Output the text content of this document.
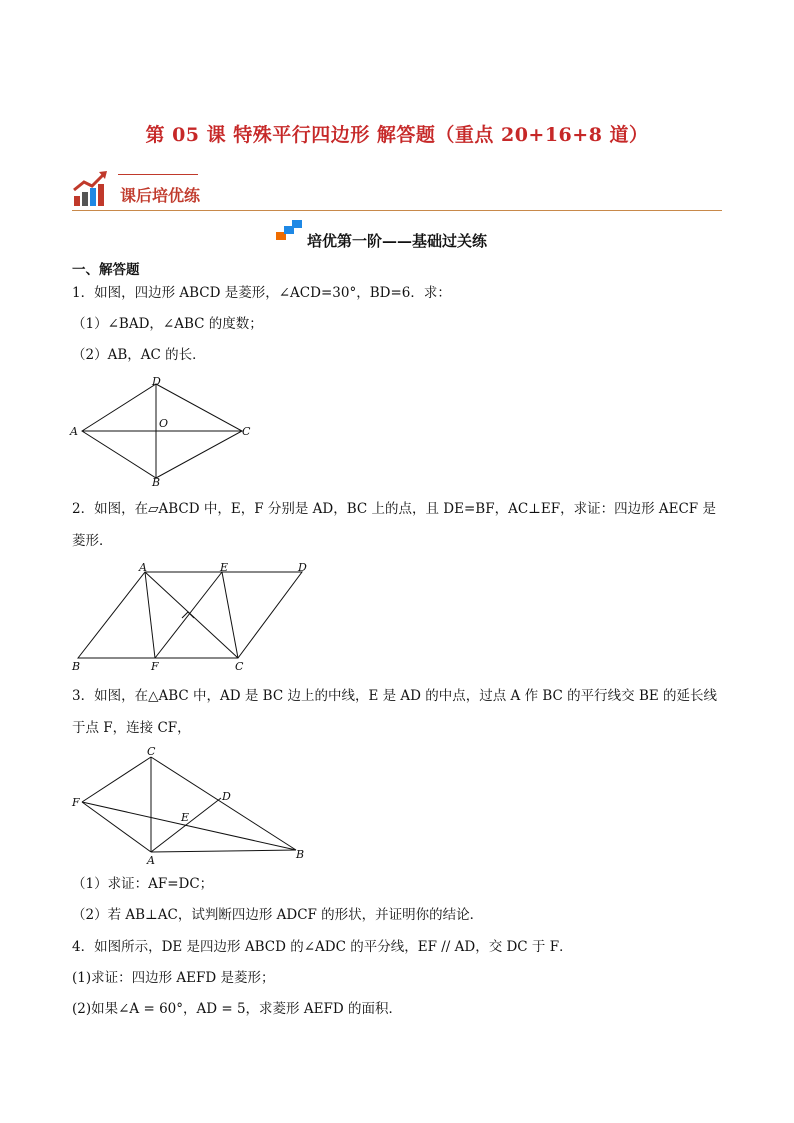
第 05 课 特殊平行四边形 解答题（重点 20+16+8 道）
课后培优练
培优第一阶——基础过关练
一、解答题
1．如图，四边形 ABCD 是菱形，∠ACD=30°，BD=6．求：
（1）∠BAD，∠ABC 的度数；
（2）AB，AC 的长．
A
D
C
B
O
2．如图，在▱ABCD 中，E，F 分别是 AD，BC 上的点，且 DE=BF，AC⊥EF，求证：四边形 AECF 是菱形．
A	E	D
B	F	C
3．如图，在△ABC 中，AD 是 BC 边上的中线，E 是 AD 的中点，过点 A 作 BC 的平行线交 BE 的延长线于点 F，连接 CF，
C
F	D
E
A	B
（1）求证：AF=DC；
（2）若 AB⊥AC，试判断四边形 ADCF 的形状，并证明你的结论．
4．如图所示，DE 是四边形 ABCD 的∠ADC 的平分线，EF // AD，交 DC 于 F．
(1)求证：四边形 AEFD 是菱形；
(2)如果∠A = 60°，AD = 5，求菱形 AEFD 的面积．
